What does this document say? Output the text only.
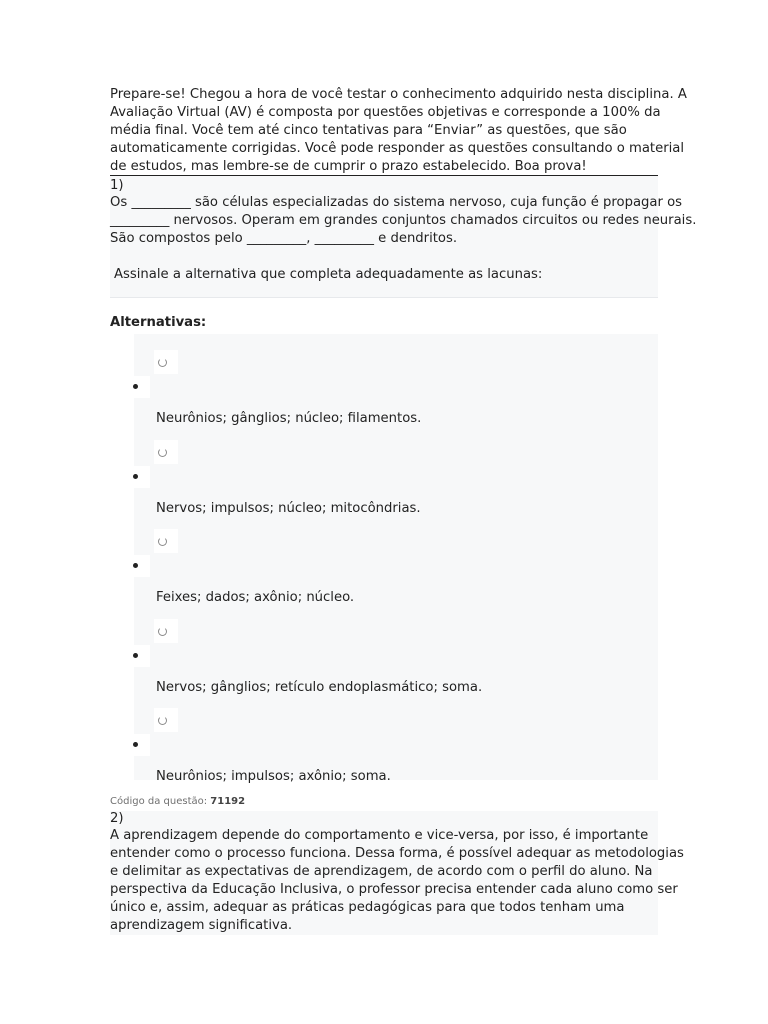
Prepare-se! Chegou a hora de você testar o conhecimento adquirido nesta disciplina. A
Avaliação Virtual (AV) é composta por questões objetivas e corresponde a 100% da
média final. Você tem até cinco tentativas para “Enviar” as questões, que são
automaticamente corrigidas. Você pode responder as questões consultando o material
de estudos, mas lembre-se de cumprir o prazo estabelecido. Boa prova!
1)
Os _________ são células especializadas do sistema nervoso, cuja função é propagar os
_________ nervosos. Operam em grandes conjuntos chamados circuitos ou redes neurais.
São compostos pelo _________, _________ e dendritos.
Assinale a alternativa que completa adequadamente as lacunas:
Alternativas:
Neurônios; gânglios; núcleo; filamentos.
Nervos; impulsos; núcleo; mitocôndrias.
Feixes; dados; axônio; núcleo.
Nervos; gânglios; retículo endoplasmático; soma.
Neurônios; impulsos; axônio; soma.
Código da questão: 71192
2)
A aprendizagem depende do comportamento e vice-versa, por isso, é importante
entender como o processo funciona. Dessa forma, é possível adequar as metodologias
e delimitar as expectativas de aprendizagem, de acordo com o perfil do aluno. Na
perspectiva da Educação Inclusiva, o professor precisa entender cada aluno como ser
único e, assim, adequar as práticas pedagógicas para que todos tenham uma
aprendizagem significativa.
